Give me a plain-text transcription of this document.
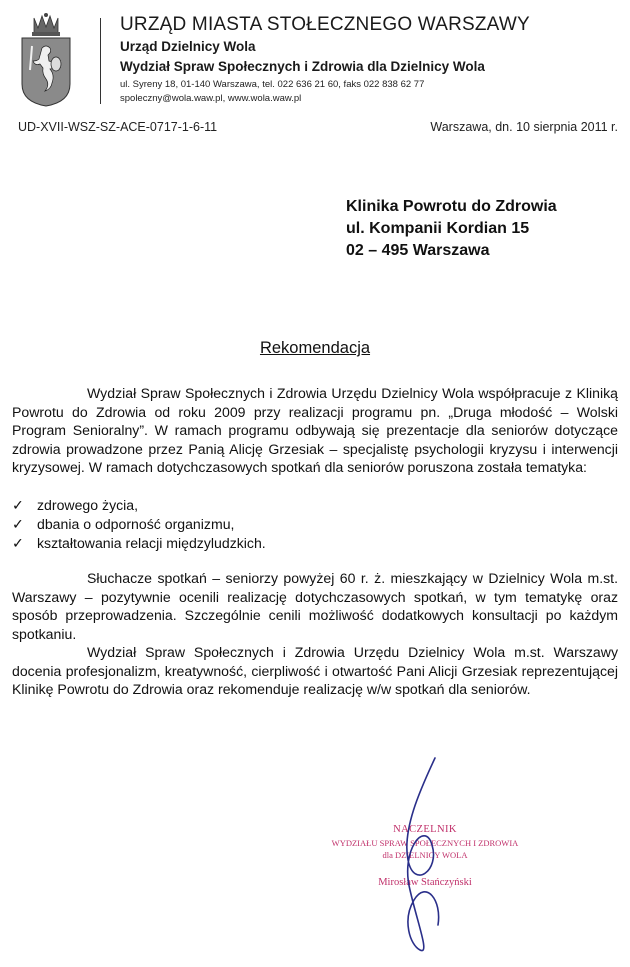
URZĄD MIASTA STOŁECZNEGO WARSZAWY
Urząd Dzielnicy Wola
Wydział Spraw Społecznych i Zdrowia dla Dzielnicy Wola
ul. Syreny 18, 01-140 Warszawa, tel. 022 636 21 60, faks 022 838 62 77
spoleczny@wola.waw.pl, www.wola.waw.pl
UD-XVII-WSZ-SZ-ACE-0717-1-6-11	Warszawa, dn. 10 sierpnia 2011 r.
Klinika Powrotu do Zdrowia
ul. Kompanii Kordian 15
02 – 495 Warszawa
Rekomendacja

Wydział Spraw Społecznych i Zdrowia Urzędu Dzielnicy Wola współpracuje z Kliniką Powrotu do Zdrowia od roku 2009 przy realizacji programu pn. „Druga młodość – Wolski Program Senioralny”. W ramach programu odbywają się prezentacje dla seniorów dotyczące zdrowia prowadzone przez Panią Alicję Grzesiak – specjalistę psychologii kryzysu i interwencji kryzysowej. W ramach dotychczasowych spotkań dla seniorów poruszona została tematyka:

✓ zdrowego życia,
✓ dbania o odporność organizmu,
✓ kształtowania relacji międzyludzkich.

Słuchacze spotkań – seniorzy powyżej 60 r. ż. mieszkający w Dzielnicy Wola m.st. Warszawy – pozytywnie ocenili realizację dotychczasowych spotkań, w tym tematykę oraz sposób przeprowadzenia. Szczególnie cenili możliwość dodatkowych konsultacji po każdym spotkaniu.

Wydział Spraw Społecznych i Zdrowia Urzędu Dzielnicy Wola m.st. Warszawy docenia profesjonalizm, kreatywność, cierpliwość i otwartość Pani Alicji Grzesiak reprezentującej Klinikę Powrotu do Zdrowia oraz rekomenduje realizację w/w spotkań dla seniorów.

NACZELNIK
WYDZIAŁU SPRAW SPOŁECZNYCH I ZDROWIA
dla DZIELNICY WOLA
Mirosław Stańczyński
